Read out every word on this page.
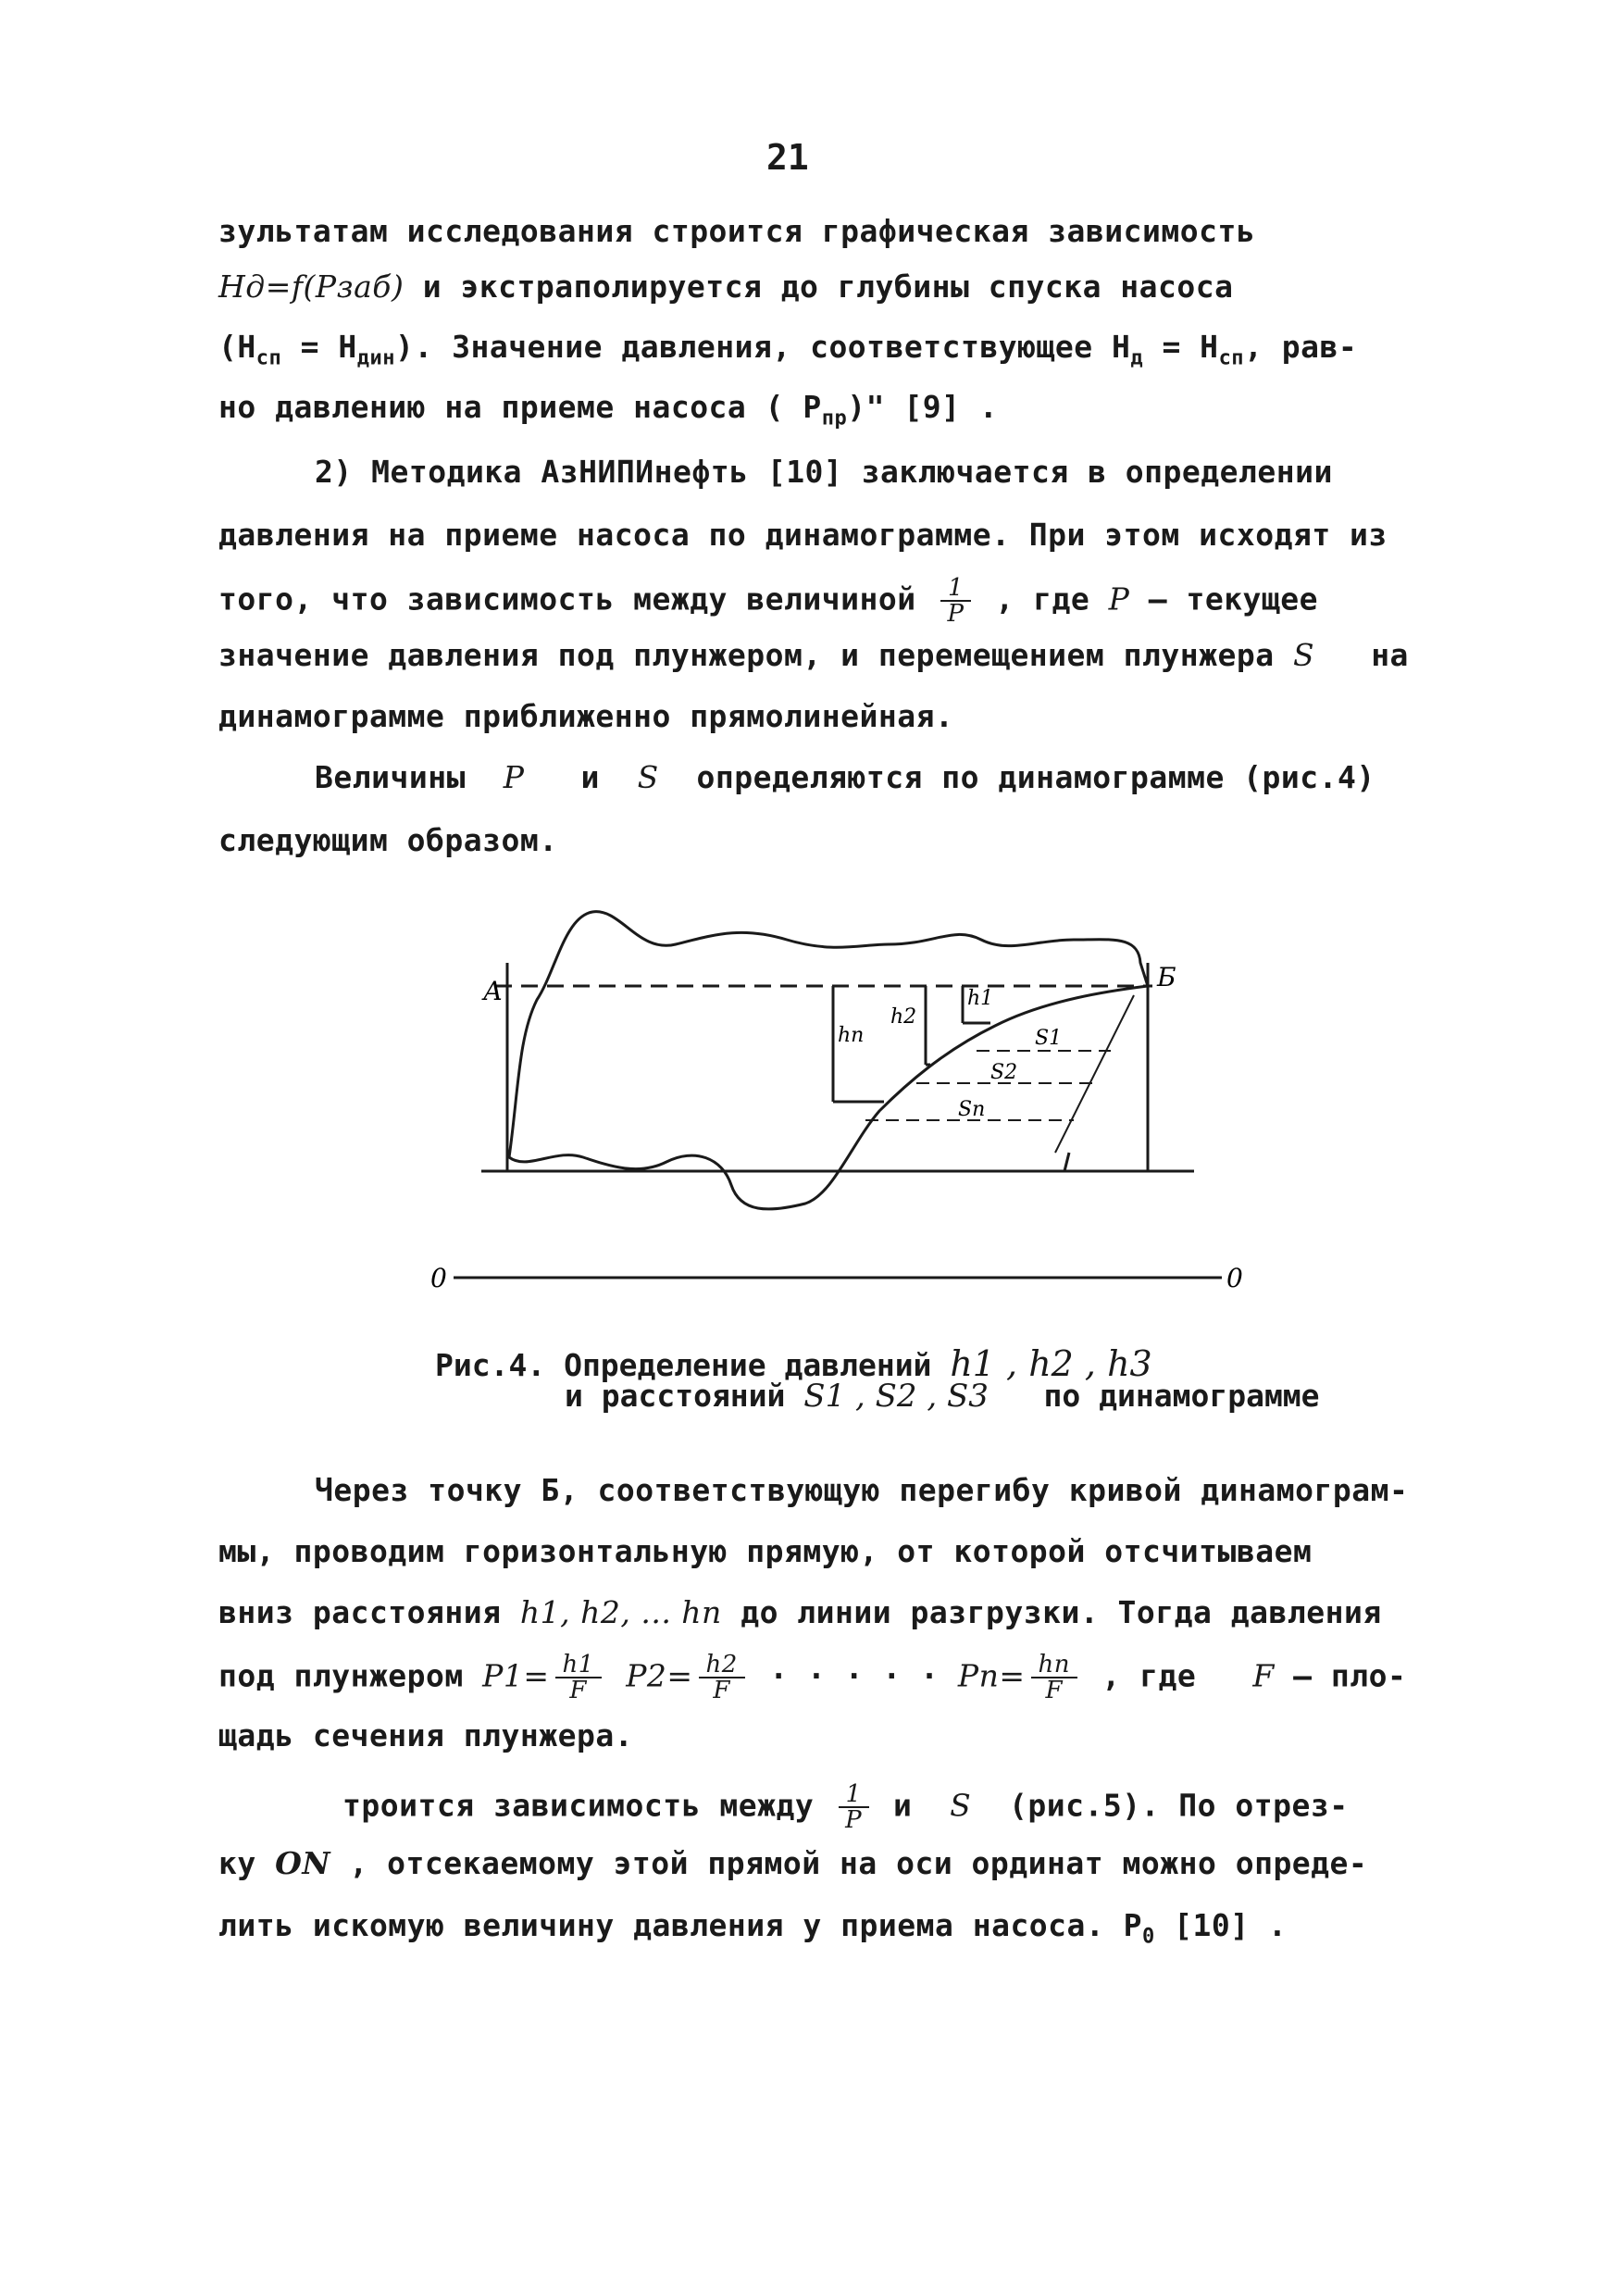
21
зультатам исследования строится графическая зависимость
Hд=f(Pзаб) и экстраполируется до глубины спуска насоса
$(H_{сп} = H_{дин})$. Значение давления, соответствующее $H_д = H_{сп}$, рав-
но давлению на приеме насоса ( $P_{пр}$)" [9] .
2) Методика АзНИПИнефть [10] заключается в определении
давления на приеме насоса по динамограмме. При этом исходят из
того, что зависимость между величиной $\frac{1}{P}$ , где P – текущее
значение давления под плунжером, и перемещением плунжера S на
динамограмме приближенно прямолинейная.
Величины P и S определяются по динамограмме (рис.4)
следующим образом.
А	Б
hn
h2
h1
S1
S2
Sn
0	0
Рис.4. Определение давлений h1 , h2 , h3
и расстояний S1 , S2 , S3 по динамограмме
Через точку Б, соответствующую перегибу кривой динамограм-
мы, проводим горизонтальную прямую, от которой отсчитываем
вниз расстояния h1, h2, ... hn до линии разгрузки. Тогда давления
под плунжером $P1= \frac{h1}{F} P2= \frac{h2}{F}$ · · · · · $Pn= \frac{hn}{F}$ , где F – пло-
щадь сечения плунжера.
троится зависимость между $\frac{1}{P}$ и S (рис.5). По отрез-
ку ON , отсекаемому этой прямой на оси ординат можно опреде-
лить искомую величину давления у приема насоса. $P_0$ [10] .
